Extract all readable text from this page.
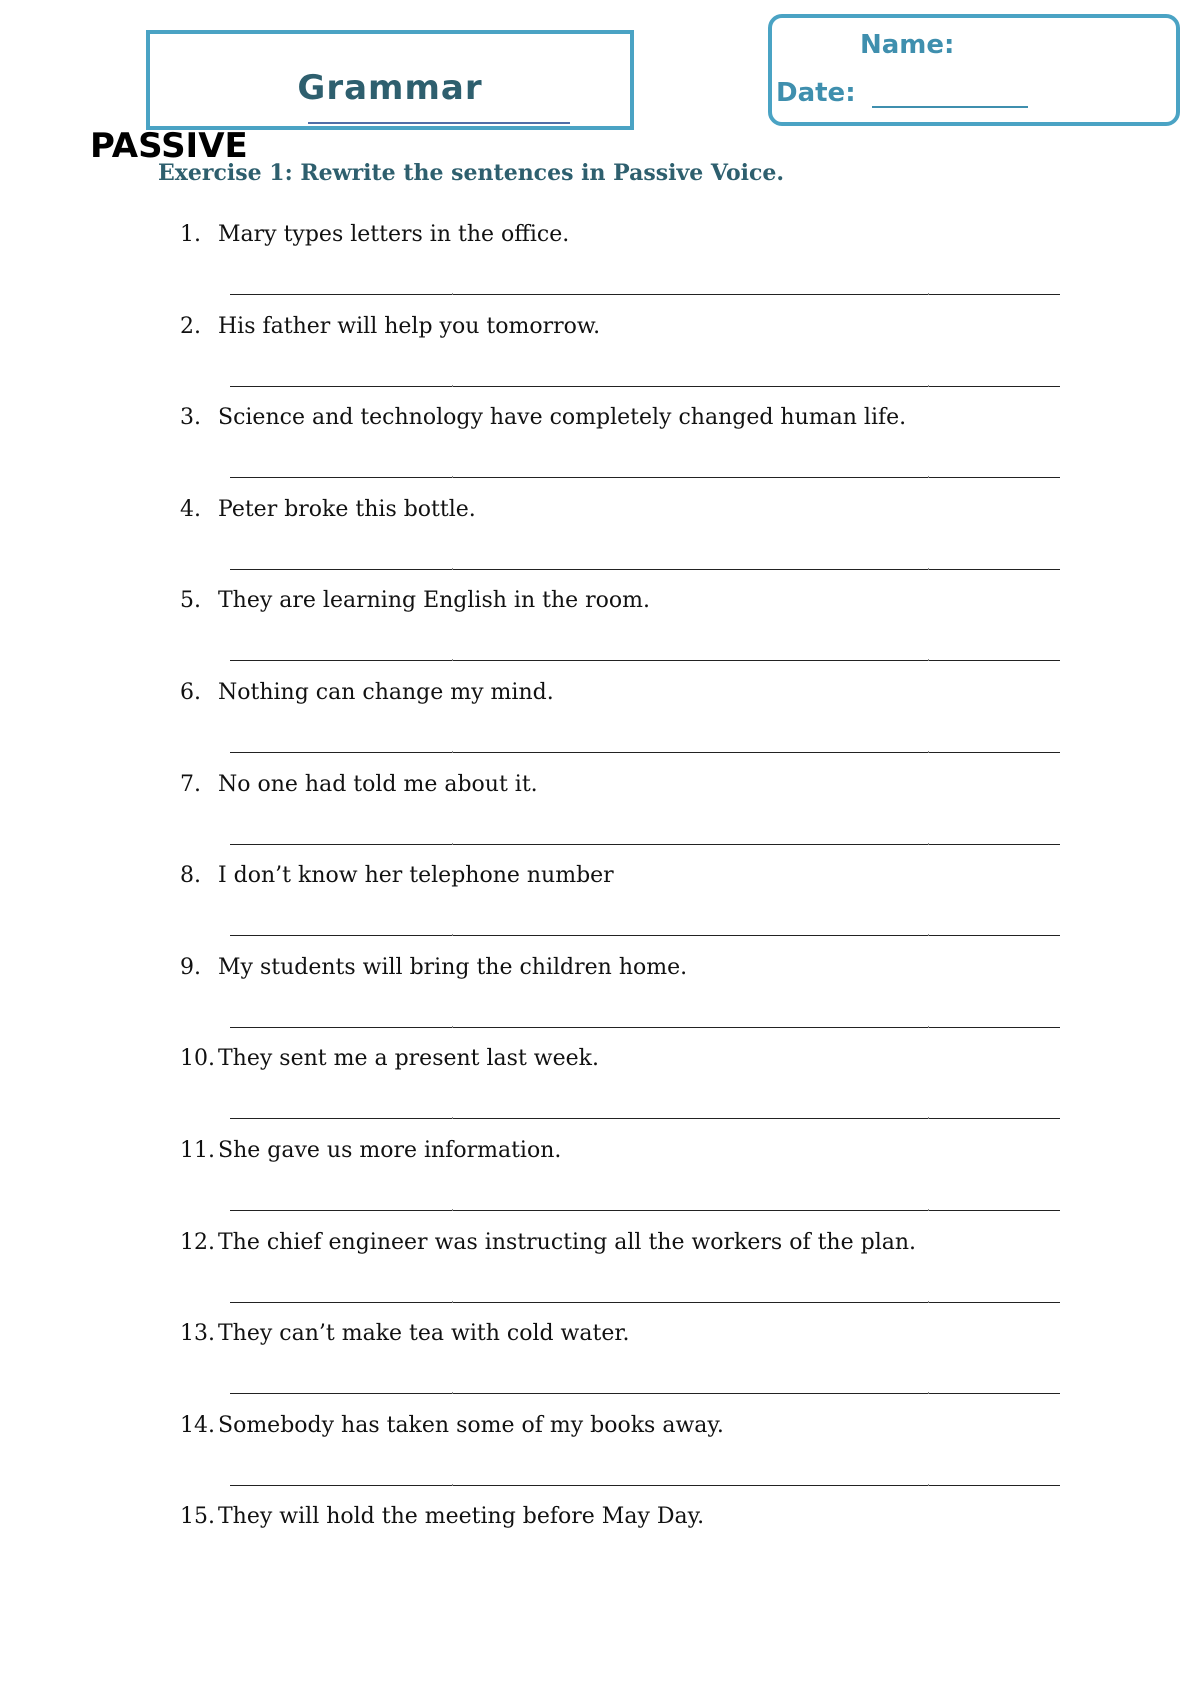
Grammar
Name:
Date:
PASSIVE
Exercise 1: Rewrite the sentences in Passive Voice.
1. Mary types letters in the office.
2. His father will help you tomorrow.
3. Science and technology have completely changed human life.
4. Peter broke this bottle.
5. They are learning English in the room.
6. Nothing can change my mind.
7. No one had told me about it.
8. I don’t know her telephone number
9. My students will bring the children home.
10. They sent me a present last week.
11. She gave us more information.
12. The chief engineer was instructing all the workers of the plan.
13. They can’t make tea with cold water.
14. Somebody has taken some of my books away.
15. They will hold the meeting before May Day.
